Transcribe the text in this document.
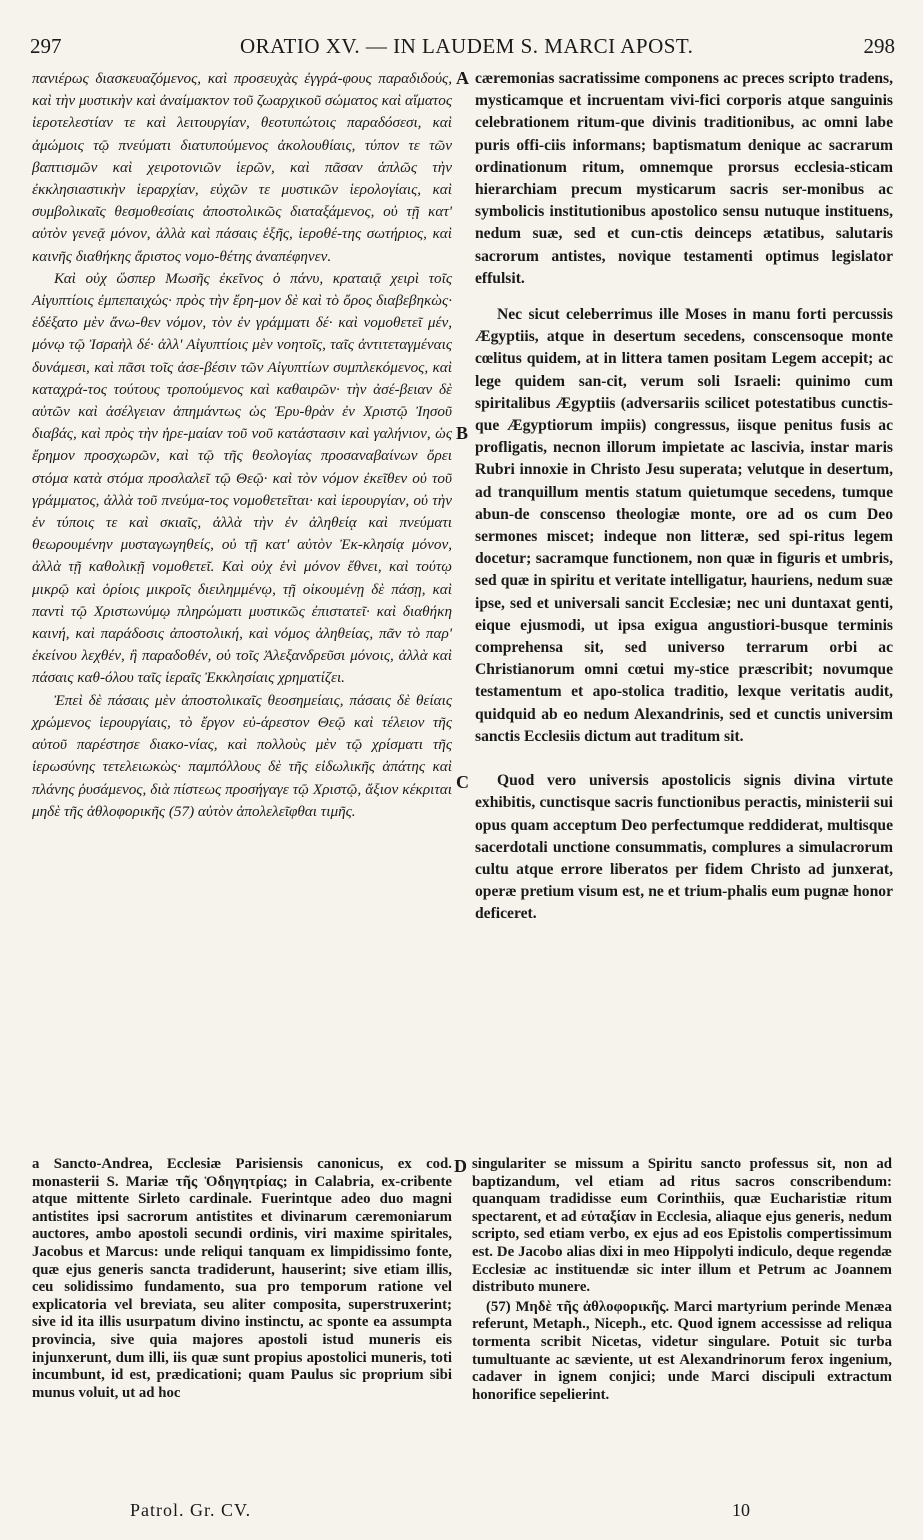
297	ORATIO XV. — IN LAUDEM S. MARCI APOST.	298

πανιέρως διασκευαζόμενος, καὶ προσευχὰς ἐγγρά-φους παραδιδούς, καὶ τὴν μυστικὴν καὶ ἀναίμακτον τοῦ ζωαρχικοῦ σώματος καὶ αἵματος ἱεροτελεστίαν τε καὶ λειτουργίαν, θεοτυπώτοις παραδόσεσι, καὶ ἀμώμοις τῷ πνεύματι διατυπούμενος ἀκολουθίαις, τύπον τε τῶν βαπτισμῶν καὶ χειροτονιῶν ἱερῶν, καὶ πᾶσαν ἁπλῶς τὴν ἐκκλησιαστικὴν ἱεραρχίαν, εὐχῶν τε μυστικῶν ἱερολογίαις, καὶ συμβολικαῖς θεσμοθεσίαις ἀποστολικῶς διαταξάμενος, οὐ τῇ κατ' αὐτὸν γενεᾷ μόνον, ἀλλὰ καὶ πάσαις ἑξῆς, ἱεροθέ-της σωτήριος, καὶ καινῆς διαθήκης ἄριστος νομο-θέτης ἀναπέφηνεν.

Καὶ οὐχ ὥσπερ Μωσῆς ἐκεῖνος ὁ πάνυ, κραταιᾷ χειρὶ τοῖς Αἰγυπτίοις ἐμπεπαιχώς· πρὸς τὴν ἔρη-μον δὲ καὶ τὸ ὄρος διαβεβηκὼς· ἐδέξατο μὲν ἄνω-θεν νόμον, τὸν ἐν γράμματι δέ· καὶ νομοθετεῖ μέν, μόνῳ τῷ Ἰσραὴλ δέ· ἀλλ' Αἰγυπτίοις μὲν νοητοῖς, ταῖς ἀντιτεταγμέναις δυνάμεσι, καὶ πᾶσι τοῖς ἀσε-βέσιν τῶν Αἰγυπτίων συμπλεκόμενος, καὶ καταχρά-τος τούτους τροπούμενος καὶ καθαιρῶν· τὴν ἀσέ-βειαν δὲ αὐτῶν καὶ ἀσέλγειαν ἀπημάντως ὡς Ἐρυ-θρὰν ἐν Χριστῷ Ἰησοῦ διαβάς, καὶ πρὸς τὴν ἠρε-μαίαν τοῦ νοῦ κατάστασιν καὶ γαλήνιον, ὡς ἔρημον προσχωρῶν, καὶ τῷ τῆς θεολογίας προσαναβαίνων ὄρει στόμα κατὰ στόμα προσλαλεῖ τῷ Θεῷ· καὶ τὸν νόμον ἐκεῖθεν οὐ τοῦ γράμματος, ἀλλὰ τοῦ πνεύμα-τος νομοθετεῖται· καὶ ἱερουργίαν, οὐ τὴν ἐν τύποις τε καὶ σκιαῖς, ἀλλὰ τὴν ἐν ἀληθείᾳ καὶ πνεύματι θεωρουμένην μυσταγωγηθείς, οὐ τῇ κατ' αὐτὸν Ἐκ-κλησίᾳ μόνον, ἀλλὰ τῇ καθολικῇ νομοθετεῖ. Καὶ οὐχ ἑνὶ μόνον ἔθνει, καὶ τούτῳ μικρῷ καὶ ὁρίοις μικροῖς διειλημμένῳ, τῇ οἰκουμένῃ δὲ πάσῃ, καὶ παντὶ τῷ Χριστωνύμῳ πληρώματι μυστικῶς ἐπιστατεῖ· καὶ διαθήκη καινή, καὶ παράδοσις ἀποστολική, καὶ νόμος ἀληθείας, πᾶν τὸ παρ' ἐκείνου λεχθέν, ἢ παραδοθέν, οὐ τοῖς Ἀλεξανδρεῦσι μόνοις, ἀλλὰ καὶ πάσαις καθ-όλου ταῖς ἱεραῖς Ἐκκλησίαις χρηματίζει.

Ἐπεὶ δὲ πάσαις μὲν ἀποστολικαῖς θεοσημείαις, πάσαις δὲ θείαις χρώμενος ἱερουργίαις, τὸ ἔργον εὐ-άρεστον Θεῷ καὶ τέλειον τῆς αὐτοῦ παρέστησε διακο-νίας, καὶ πολλοὺς μὲν τῷ χρίσματι τῆς ἱερωσύνης τετελειωκὼς· παμπόλλους δὲ τῆς εἰδωλικῆς ἀπάτης καὶ πλάνης ῥυσάμενος, διὰ πίστεως προσήγαγε τῷ Χριστῷ, ἄξιον κέκριται μηδὲ τῆς ἀθλοφορικῆς (57) αὐτὸν ἀπολελεῖφθαι τιμῆς.

cæremonias sacratissime componens ac preces scripto tradens, mysticamque et incruentam vivi-fici corporis atque sanguinis celebrationem ritum-que divinis traditionibus, ac omni labe puris offi-ciis informans; baptismatum denique ac sacrarum ordinationum ritum, omnemque prorsus ecclesia-sticam hierarchiam precum mysticarum sacris ser-monibus ac symbolicis institutionibus apostolico sensu nutuque instituens, nedum suæ, sed et cun-ctis deinceps ætatibus, salutaris sacrorum antistes, novique testamenti optimus legislator effulsit.

Nec sicut celeberrimus ille Moses in manu forti percussis Ægyptiis, atque in desertum secedens, conscensoque monte cœlitus quidem, at in littera tamen positam Legem accepit; ac lege quidem san-cit, verum soli Israeli: quinimo cum spiritalibus Ægyptiis (adversariis scilicet potestatibus cunctis-que Ægyptiorum impiis) congressus, iisque penitus fusis ac profligatis, necnon illorum impietate ac lascivia, instar maris Rubri innoxie in Christo Jesu superata; velutque in desertum, ad tranquillum mentis statum quietumque secedens, tumque abun-de conscenso theologiæ monte, ore ad os cum Deo sermones miscet; indeque non litteræ, sed spi-ritus legem docetur; sacramque functionem, non quæ in figuris et umbris, sed quæ in spiritu et veritate intelligatur, hauriens, nedum suæ ipse, sed et universali sancit Ecclesiæ; nec uni duntaxat genti, eique ejusmodi, ut ipsa exigua angustiori-busque terminis comprehensa sit, sed universo terrarum orbi ac Christianorum omni cœtui my-stice præscribit; novumque testamentum et apo-stolica traditio, lexque veritatis audit, quidquid ab eo nedum Alexandrinis, sed et cunctis universim sanctis Ecclesiis dictum aut traditum sit.

Quod vero universis apostolicis signis divina virtute exhibitis, cunctisque sacris functionibus peractis, ministerii sui opus quam acceptum Deo perfectumque reddiderat, multisque sacerdotali unctione consummatis, complures a simulacrorum cultu atque errore liberatos per fidem Christo ad junxerat, operæ pretium visum est, ne et trium-phalis eum pugnæ honor deficeret.

A
B
C
D

a Sancto-Andrea, Ecclesiæ Parisiensis canonicus, ex cod. monasterii S. Mariæ τῆς Ὁδηγητρίας; in Calabria, ex-cribente atque mittente Sirleto cardinale. Fuerintque adeo duo magni antistites ipsi sacrorum antistites et divinarum cæremoniarum auctores, ambo apostoli secundi ordinis, viri maxime spiritales, Jacobus et Marcus: unde reliqui tanquam ex limpidissimo fonte, quæ ejus generis sancta tradiderunt, hauserint; sive etiam illis, ceu solidissimo fundamento, sua pro temporum ratione vel explicatoria vel breviata, seu aliter composita, superstruxerint; sive id ita illis usurpatum divino instinctu, ac sponte ea assumpta provincia, sive quia majores apostoli istud muneris eis injunxerunt, dum illi, iis quæ sunt propius apostolici muneris, toti incumbunt, id est, prædicationi; quam Paulus sic proprium sibi munus voluit, ut ad hoc

singulariter se missum a Spiritu sancto professus sit, non ad baptizandum, vel etiam ad ritus sacros conscribendum: quanquam tradidisse eum Corinthiis, quæ Eucharistiæ ritum spectarent, et ad εὐταξίαν in Ecclesia, aliaque ejus generis, nedum scripto, sed etiam verbo, ex ejus ad eos Epistolis compertissimum est. De Jacobo alias dixi in meo Hippolyti indiculo, deque regendæ Ecclesiæ ac instituendæ sic inter illum et Petrum ac Joannem distributo munere.

(57) Μηδὲ τῆς ἀθλοφορικῆς. Marci martyrium perinde Menæa referunt, Metaph., Niceph., etc. Quod ignem accessisse ad reliqua tormenta scribit Nicetas, videtur singulare. Potuit sic turba tumultuante ac sæviente, ut est Alexandrinorum ferox ingenium, cadaver in ignem conjici; unde Marci discipuli extractum honorifice sepelierint.

Patrol. Gr. CV.	10
